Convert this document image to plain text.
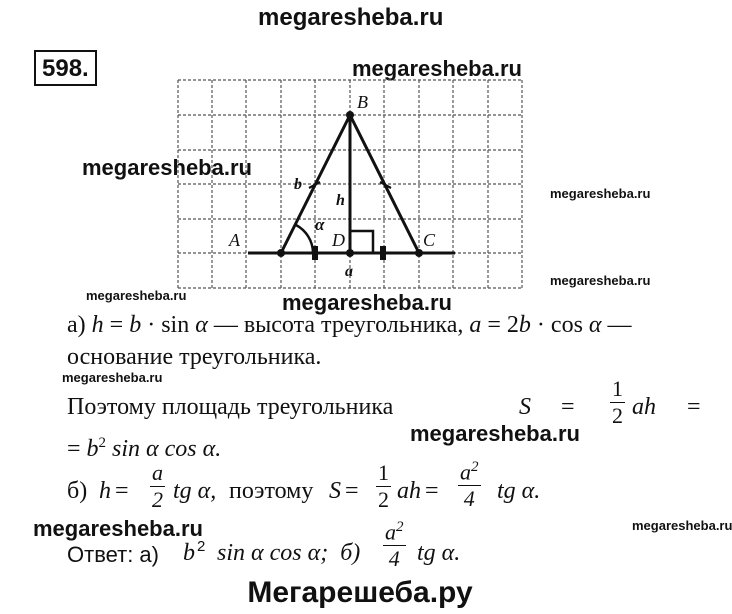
megaresheba.ru
megaresheba.ru
megaresheba.ru
megaresheba.ru
megaresheba.ru
megaresheba.ru	megaresheba.ru
megaresheba.ru
megaresheba.ru
megaresheba.ru	megaresheba.ru
598.
A
B
C
D
b
h
α
a
а) h = b · sin α — высота треугольника, a = 2b · cos α —
основание треугольника.
Поэтому площадь треугольника	$S = \frac{1}{2}$ ah =
= $b^2$ sin α cos α.
б) $h = \frac{a}{2}$ tg α, поэтому $S = \frac{1}{2}$ ah = $\frac{a^2}{4}$ tg α.
Ответ: а) b 2 sin α cos α;  $б) \frac{a^2}{4}$ tg α.
Мегарешеба.ру
